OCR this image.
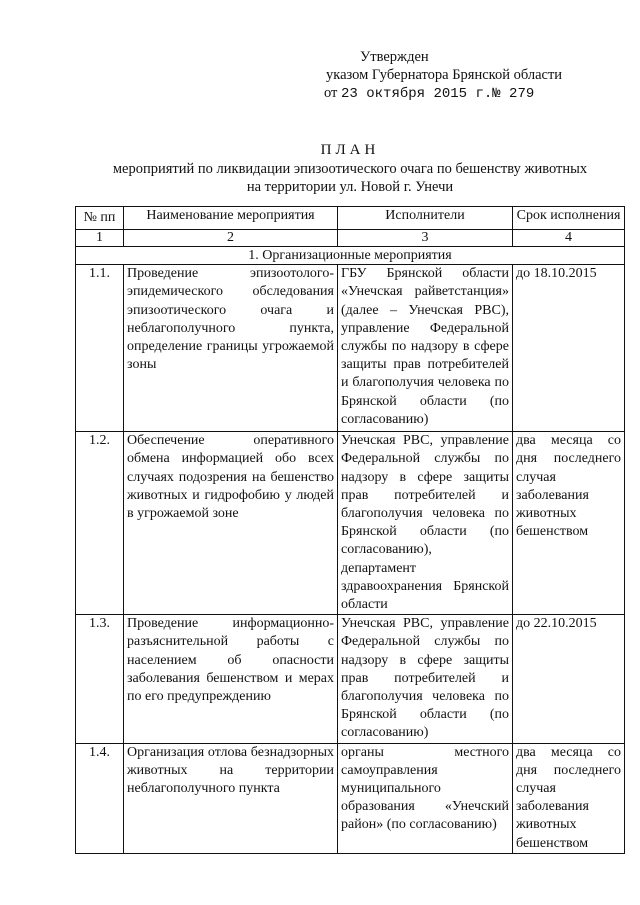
Утвержден
указом Губернатора Брянской области
от 23 октября 2015 г.№ 279
ПЛАН
мероприятий по ликвидации эпизоотического очага по бешенству животных
на территории ул. Новой г. Унечи
№ пп	Наименование мероприятия	Исполнители	Срок исполнения
1	2	3	4
1. Организационные мероприятия			
1.1.	Проведение эпизоотолого-эпидемического обследования эпизоотического очага и неблагополучного пункта, определение границы угрожаемой зоны	ГБУ Брянской области «Унечская райветстанция» (далее – Унечская РВС), управление Федеральной службы по надзору в сфере защиты прав потребителей и благополучия человека по Брянской области (по согласованию)	до 18.10.2015
1.2.	Обеспечение оперативного обмена информацией обо всех случаях подозрения на бешенство животных и гидрофобию у людей в угрожаемой зоне	Унечская РВС, управление Федеральной службы по надзору в сфере защиты прав потребителей и благополучия человека по Брянской области (по согласованию), департамент здравоохранения Брянской области	два месяца со дня последнего случая заболевания животных бешенством
1.3.	Проведение информационно-разъяснительной работы с населением об опасности заболевания бешенством и мерах по его предупреждению	Унечская РВС, управление Федеральной службы по надзору в сфере защиты прав потребителей и благополучия человека по Брянской области (по согласованию)	до 22.10.2015
1.4.	Организация отлова безнадзорных животных на территории неблагополучного пункта	органы местного самоуправления муниципального образования «Унечский район» (по согласованию)	два месяца со дня последнего случая заболевания животных бешенством
